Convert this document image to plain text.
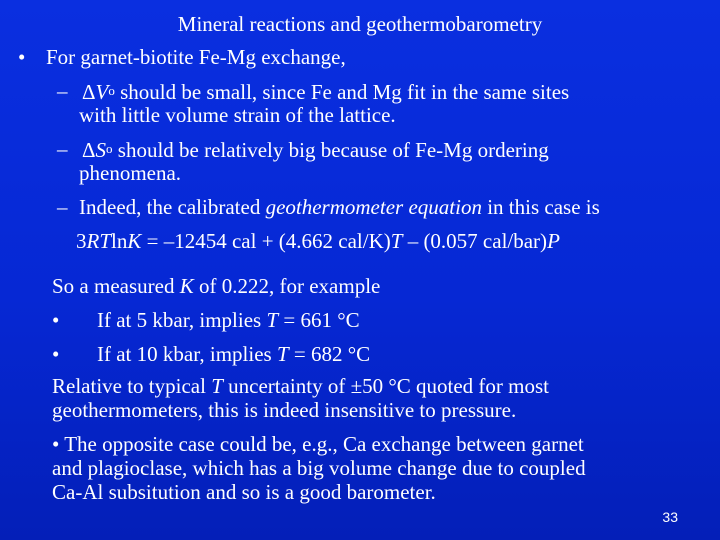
Mineral reactions and geothermobarometry
• For garnet-biotite Fe-Mg exchange,
– $\Delta V^o$ should be small, since Fe and Mg fit in the same sites
with little volume strain of the lattice.
– $\Delta S^o$ should be relatively big because of Fe-Mg ordering
phenomena.
– Indeed, the calibrated geothermometer equation in this case is
3RTlnK = –12454 cal + (4.662 cal/K)T – (0.057 cal/bar)P
So a measured K of 0.222, for example
• If at 5 kbar, implies T = 661 °C
• If at 10 kbar, implies T = 682 °C
Relative to typical T uncertainty of ±50 °C quoted for most
geothermometers, this is indeed insensitive to pressure.
• The opposite case could be, e.g., Ca exchange between garnet
and plagioclase, which has a big volume change due to coupled
Ca-Al subsitution and so is a good barometer.
33
